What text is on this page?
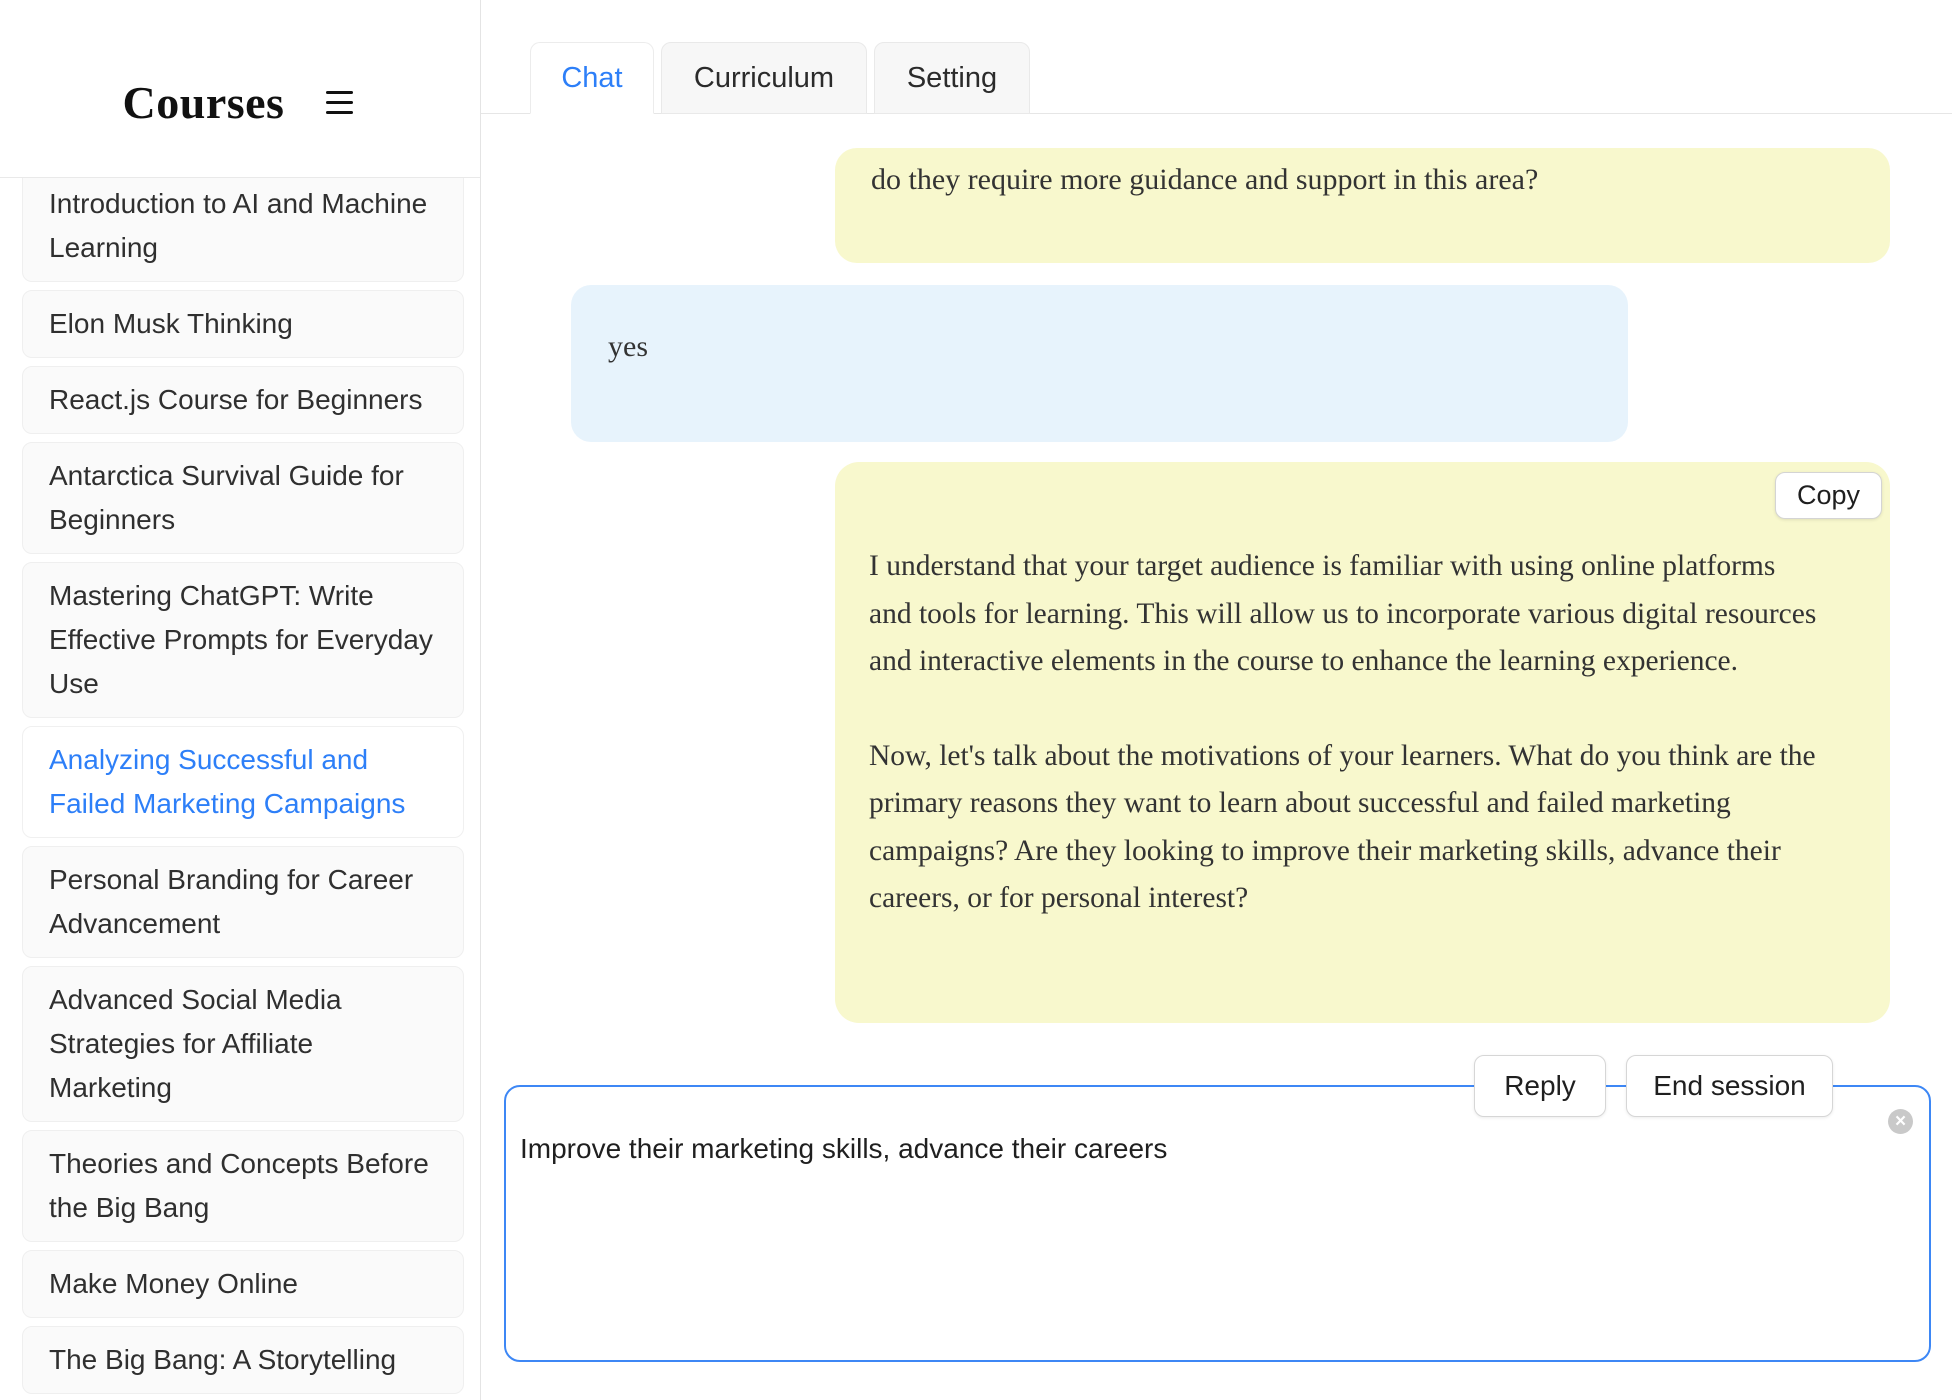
Courses
Introduction to AI and Machine Learning
Elon Musk Thinking
React.js Course for Beginners
Antarctica Survival Guide for Beginners
Mastering ChatGPT: Write Effective Prompts for Everyday Use
Analyzing Successful and Failed Marketing Campaigns
Personal Branding for Career Advancement
Advanced Social Media Strategies for Affiliate Marketing
Theories and Concepts Before the Big Bang
Make Money Online
The Big Bang: A Storytelling
Chat	Curriculum	Setting
do they require more guidance and support in this area?
yes
Copy

I understand that your target audience is familiar with using online platforms and tools for learning. This will allow us to incorporate various digital resources and interactive elements in the course to enhance the learning experience.

Now, let's talk about the motivations of your learners. What do you think are the primary reasons they want to learn about successful and failed marketing campaigns? Are they looking to improve their marketing skills, advance their careers, or for personal interest?

Reply	End session
Improve their marketing skills, advance their careers
×
